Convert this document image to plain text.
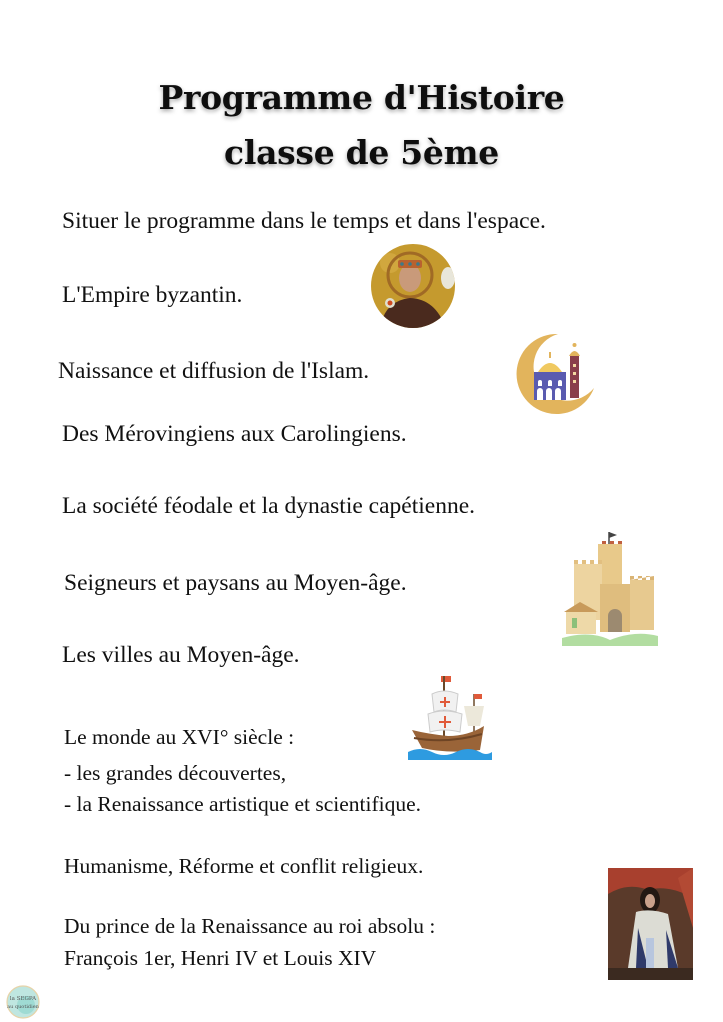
Programme d'Histoire
classe de 5ème
Situer le programme dans le temps et dans l'espace.
L'Empire byzantin.
Naissance et diffusion de l'Islam.
Des Mérovingiens aux Carolingiens.
La société féodale et la dynastie capétienne.
Seigneurs et paysans au Moyen-âge.
Les villes au Moyen-âge.
Le monde au XVI° siècle :
- les grandes découvertes,
- la Renaissance artistique et scientifique.
Humanisme, Réforme et conflit religieux.
Du prince de la Renaissance au roi absolu :
François 1er, Henri IV et Louis XIV
la SEGPA
au quotidien
